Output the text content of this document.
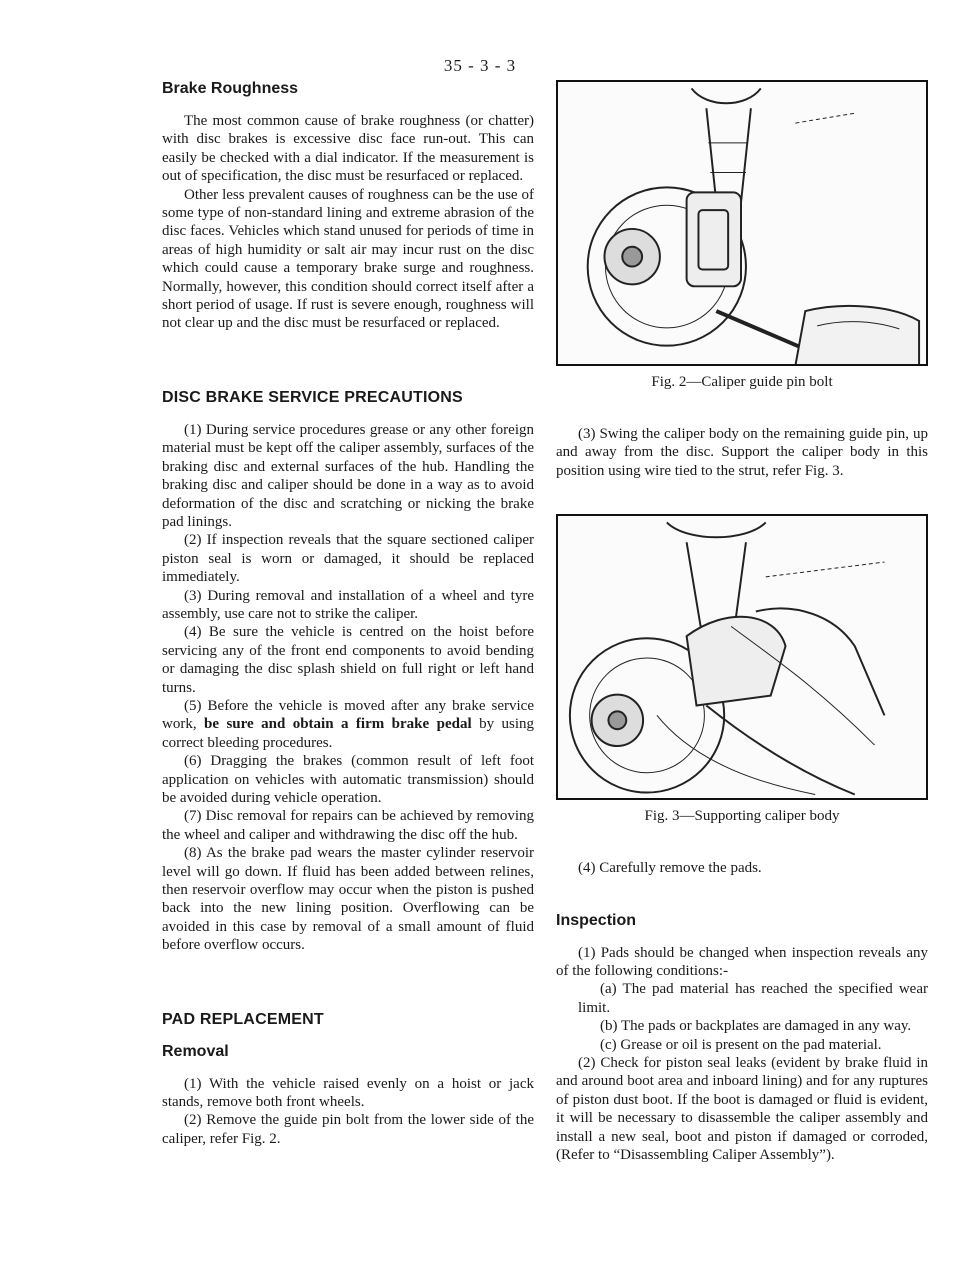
35 - 3 - 3
Brake Roughness

The most common cause of brake roughness (or chatter) with disc brakes is excessive disc face run-out. This can easily be checked with a dial indicator. If the measurement is out of specification, the disc must be resurfaced or replaced.

Other less prevalent causes of roughness can be the use of some type of non-standard lining and extreme abrasion of the disc faces. Vehicles which stand unused for periods of time in areas of high humidity or salt air may incur rust on the disc which could cause a temporary brake surge and roughness. Normally, however, this condition should correct itself after a short period of usage. If rust is severe enough, roughness will not clear up and the disc must be resurfaced or replaced.

DISC BRAKE SERVICE PRECAUTIONS

(1) During service procedures grease or any other foreign material must be kept off the caliper assembly, surfaces of the braking disc and external surfaces of the hub. Handling the braking disc and caliper should be done in a way as to avoid deformation of the disc and scratching or nicking the brake pad linings.

(2) If inspection reveals that the square sectioned caliper piston seal is worn or damaged, it should be replaced immediately.

(3) During removal and installation of a wheel and tyre assembly, use care not to strike the caliper.

(4) Be sure the vehicle is centred on the hoist before servicing any of the front end components to avoid bending or damaging the disc splash shield on full right or left hand turns.

(5) Before the vehicle is moved after any brake service work, be sure and obtain a firm brake pedal by using correct bleeding procedures.

(6) Dragging the brakes (common result of left foot application on vehicles with automatic transmission) should be avoided during vehicle operation.

(7) Disc removal for repairs can be achieved by removing the wheel and caliper and withdrawing the disc off the hub.

(8) As the brake pad wears the master cylinder reservoir level will go down. If fluid has been added between relines, then reservoir overflow may occur when the piston is pushed back into the new lining position. Overflowing can be avoided in this case by removal of a small amount of fluid before overflow occurs.

PAD REPLACEMENT
Removal

(1) With the vehicle raised evenly on a hoist or jack stands, remove both front wheels.

(2) Remove the guide pin bolt from the lower side of the caliper, refer Fig. 2.

Fig. 2—Caliper guide pin bolt

(3) Swing the caliper body on the remaining guide pin, up and away from the disc. Support the caliper body in this position using wire tied to the strut, refer Fig. 3.

Fig. 3—Supporting caliper body

(4) Carefully remove the pads.

Inspection

(1) Pads should be changed when inspection reveals any of the following conditions:-

(a) The pad material has reached the specified wear limit.

(b) The pads or backplates are damaged in any way.

(c) Grease or oil is present on the pad material.

(2) Check for piston seal leaks (evident by brake fluid in and around boot area and inboard lining) and for any ruptures of piston dust boot. If the boot is damaged or fluid is evident, it will be necessary to disassemble the caliper assembly and install a new seal, boot and piston if damaged or corroded, (Refer to “Disassembling Caliper Assembly”).
